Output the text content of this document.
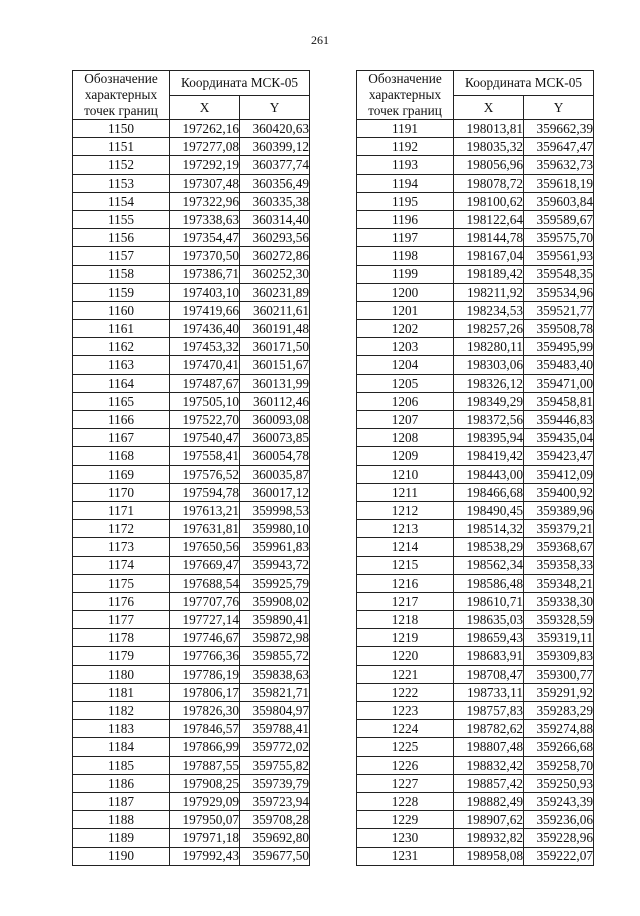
261
Обозначение характерных точек границ	Координата МСК-05	
	X	Y
1150	197262,16	360420,63
1151	197277,08	360399,12
1152	197292,19	360377,74
1153	197307,48	360356,49
1154	197322,96	360335,38
1155	197338,63	360314,40
1156	197354,47	360293,56
1157	197370,50	360272,86
1158	197386,71	360252,30
1159	197403,10	360231,89
1160	197419,66	360211,61
1161	197436,40	360191,48
1162	197453,32	360171,50
1163	197470,41	360151,67
1164	197487,67	360131,99
1165	197505,10	360112,46
1166	197522,70	360093,08
1167	197540,47	360073,85
1168	197558,41	360054,78
1169	197576,52	360035,87
1170	197594,78	360017,12
1171	197613,21	359998,53
1172	197631,81	359980,10
1173	197650,56	359961,83
1174	197669,47	359943,72
1175	197688,54	359925,79
1176	197707,76	359908,02
1177	197727,14	359890,41
1178	197746,67	359872,98
1179	197766,36	359855,72
1180	197786,19	359838,63
1181	197806,17	359821,71
1182	197826,30	359804,97
1183	197846,57	359788,41
1184	197866,99	359772,02
1185	197887,55	359755,82
1186	197908,25	359739,79
1187	197929,09	359723,94
1188	197950,07	359708,28
1189	197971,18	359692,80
1190	197992,43	359677,50
Обозначение характерных точек границ	Координата МСК-05	
	X	Y
1191	198013,81	359662,39
1192	198035,32	359647,47
1193	198056,96	359632,73
1194	198078,72	359618,19
1195	198100,62	359603,84
1196	198122,64	359589,67
1197	198144,78	359575,70
1198	198167,04	359561,93
1199	198189,42	359548,35
1200	198211,92	359534,96
1201	198234,53	359521,77
1202	198257,26	359508,78
1203	198280,11	359495,99
1204	198303,06	359483,40
1205	198326,12	359471,00
1206	198349,29	359458,81
1207	198372,56	359446,83
1208	198395,94	359435,04
1209	198419,42	359423,47
1210	198443,00	359412,09
1211	198466,68	359400,92
1212	198490,45	359389,96
1213	198514,32	359379,21
1214	198538,29	359368,67
1215	198562,34	359358,33
1216	198586,48	359348,21
1217	198610,71	359338,30
1218	198635,03	359328,59
1219	198659,43	359319,11
1220	198683,91	359309,83
1221	198708,47	359300,77
1222	198733,11	359291,92
1223	198757,83	359283,29
1224	198782,62	359274,88
1225	198807,48	359266,68
1226	198832,42	359258,70
1227	198857,42	359250,93
1228	198882,49	359243,39
1229	198907,62	359236,06
1230	198932,82	359228,96
1231	198958,08	359222,07
